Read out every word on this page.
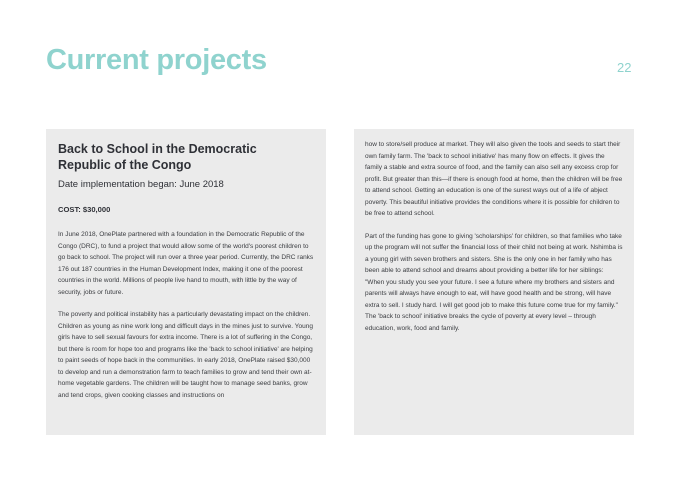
Current projects	22
Back to School in the Democratic
Republic of the Congo
Date implementation began: June 2018
COST: $30,000

In June 2018, OnePlate partnered with a foundation in the Democratic Republic of the Congo (DRC), to fund a project that would allow some of the world's poorest children to go back to school. The project will run over a three year period. Currently, the DRC ranks 176 out 187 countries in the Human Development Index, making it one of the poorest countries in the world. Millions of people live hand to mouth, with little by the way of security, jobs or future.

The poverty and political instability has a particularly devastating impact on the children. Children as young as nine work long and difficult days in the mines just to survive. Young girls have to sell sexual favours for extra income. There is a lot of suffering in the Congo, but there is room for hope too and programs like the 'back to school initiative' are helping to paint seeds of hope back in the communities. In early 2018, OnePlate raised $30,000 to develop and run a demonstration farm to teach families to grow and tend their own at-home vegetable gardens. The children will be taught how to manage seed banks, grow and tend crops, given cooking classes and instructions on

how to store/sell produce at market. They will also given the tools and seeds to start their own family farm. The 'back to school initiative' has many flow on effects. It gives the family a stable and extra source of food, and the family can also sell any excess crop for profit. But greater than this—if there is enough food at home, then the children will be free to attend school. Getting an education is one of the surest ways out of a life of abject poverty. This beautiful initiative provides the conditions where it is possible for children to be free to attend school.

Part of the funding has gone to giving 'scholarships' for children, so that families who take up the program will not suffer the financial loss of their child not being at work. Nshimba is a young girl with seven brothers and sisters. She is the only one in her family who has been able to attend school and dreams about providing a better life for her siblings: "When you study you see your future. I see a future where my brothers and sisters and parents will always have enough to eat, will have good health and be strong, will have extra to sell. I study hard. I will get good job to make this future come true for my family." The 'back to school' initiative breaks the cycle of poverty at every level – through education, work, food and family.
